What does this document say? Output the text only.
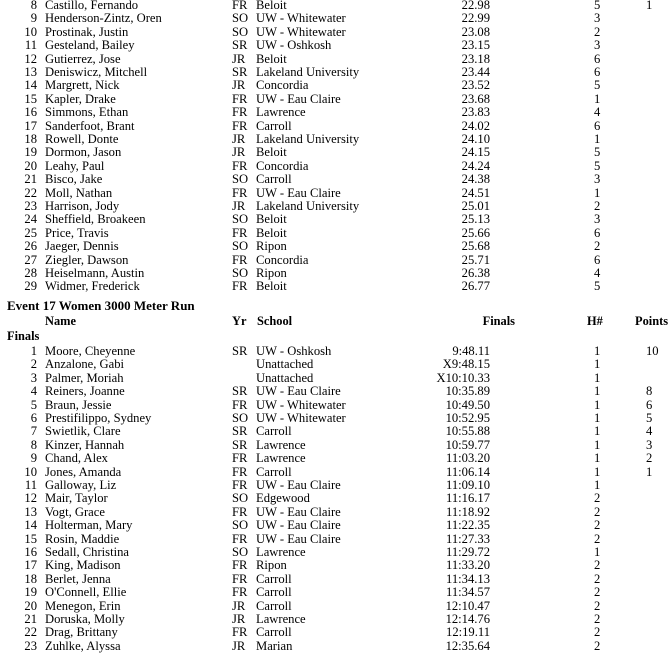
8 Castillo, Fernando	FR Beloit	22.98	5	1
9 Henderson-Zintz, Oren	SO UW - Whitewater	22.99	3
10 Prostinak, Justin	SO UW - Whitewater	23.08	2
11 Gesteland, Bailey	SR UW - Oshkosh	23.15	3
12 Gutierrez, Jose	JR Beloit	23.18	6
13 Deniswicz, Mitchell	SR Lakeland University	23.44	6
14 Margrett, Nick	JR Concordia	23.52	5
15 Kapler, Drake	FR UW - Eau Claire	23.68	1
16 Simmons, Ethan	FR Lawrence	23.83	4
17 Sanderfoot, Brant	FR Carroll	24.02	6
18 Rowell, Donte	JR Lakeland University	24.10	1
19 Dormon, Jason	JR Beloit	24.15	5
20 Leahy, Paul	FR Concordia	24.24	5
21 Bisco, Jake	SO Carroll	24.38	3
22 Moll, Nathan	FR UW - Eau Claire	24.51	1
23 Harrison, Jody	JR Lakeland University	25.01	2
24 Sheffield, Broakeen	SO Beloit	25.13	3
25 Price, Travis	FR Beloit	25.66	6
26 Jaeger, Dennis	SO Ripon	25.68	2
27 Ziegler, Dawson	FR Concordia	25.71	6
28 Heiselmann, Austin	SO Ripon	26.38	4
29 Widmer, Frederick	FR Beloit	26.77	5
Event 17 Women 3000 Meter Run
Name	Yr School	Finals	H#	Points
Finals
1 Moore, Cheyenne	SR UW - Oshkosh	9:48.11	1	10
2 Anzalone, Gabi	Unattached	X9:48.15	1
3 Palmer, Moriah	Unattached	X10:10.33	1
4 Reiners, Joanne	SR UW - Eau Claire	10:35.89	1	8
5 Braun, Jessie	FR UW - Whitewater	10:49.50	1	6
6 Prestifilippo, Sydney	SO UW - Whitewater	10:52.95	1	5
7 Swietlik, Clare	SR Carroll	10:55.88	1	4
8 Kinzer, Hannah	SR Lawrence	10:59.77	1	3
9 Chand, Alex	FR Lawrence	11:03.20	1	2
10 Jones, Amanda	FR Carroll	11:06.14	1	1
11 Galloway, Liz	FR UW - Eau Claire	11:09.10	1
12 Mair, Taylor	SO Edgewood	11:16.17	2
13 Vogt, Grace	FR UW - Eau Claire	11:18.92	2
14 Holterman, Mary	SO UW - Eau Claire	11:22.35	2
15 Rosin, Maddie	FR UW - Eau Claire	11:27.33	2
16 Sedall, Christina	SO Lawrence	11:29.72	1
17 King, Madison	FR Ripon	11:33.20	2
18 Berlet, Jenna	FR Carroll	11:34.13	2
19 O'Connell, Ellie	FR Carroll	11:34.57	2
20 Menegon, Erin	JR Carroll	12:10.47	2
21 Doruska, Molly	JR Lawrence	12:14.76	2
22 Drag, Brittany	FR Carroll	12:19.11	2
23 Zuhlke, Alyssa	JR Marian	12:35.64	2
